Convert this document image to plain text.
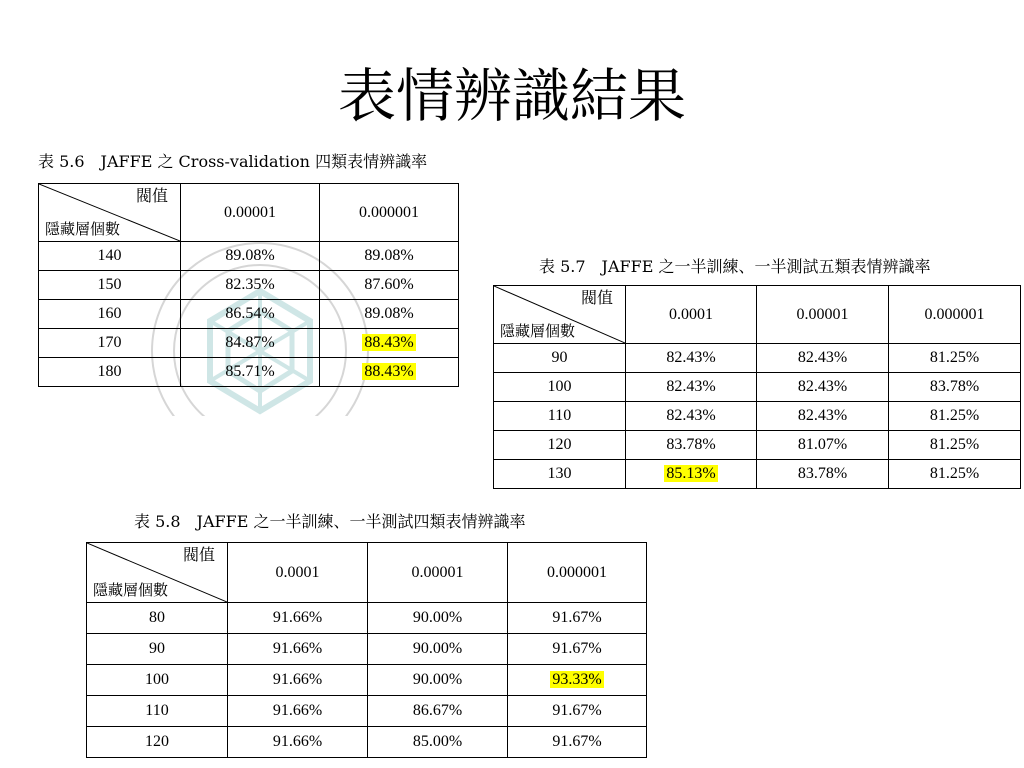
表情辨識結果
表 5.6　JAFFE 之 Cross-validation 四類表情辨識率
閥值
隱藏層個數	0.00001	0.000001
140	89.08%	89.08%
150	82.35%	87.60%
160	86.54%	89.08%
170	84.87%	88.43%
180	85.71%	88.43%
表 5.7　JAFFE 之一半訓練、一半測試五類表情辨識率
閥值
隱藏層個數	0.0001	0.00001	0.000001
90	82.43%	82.43%	81.25%
100	82.43%	82.43%	83.78%
110	82.43%	82.43%	81.25%
120	83.78%	81.07%	81.25%
130	85.13%	83.78%	81.25%
表 5.8　JAFFE 之一半訓練、一半測試四類表情辨識率
閥值
隱藏層個數	0.0001	0.00001	0.000001
80	91.66%	90.00%	91.67%
90	91.66%	90.00%	91.67%
100	91.66%	90.00%	93.33%
110	91.66%	86.67%	91.67%
120	91.66%	85.00%	91.67%
